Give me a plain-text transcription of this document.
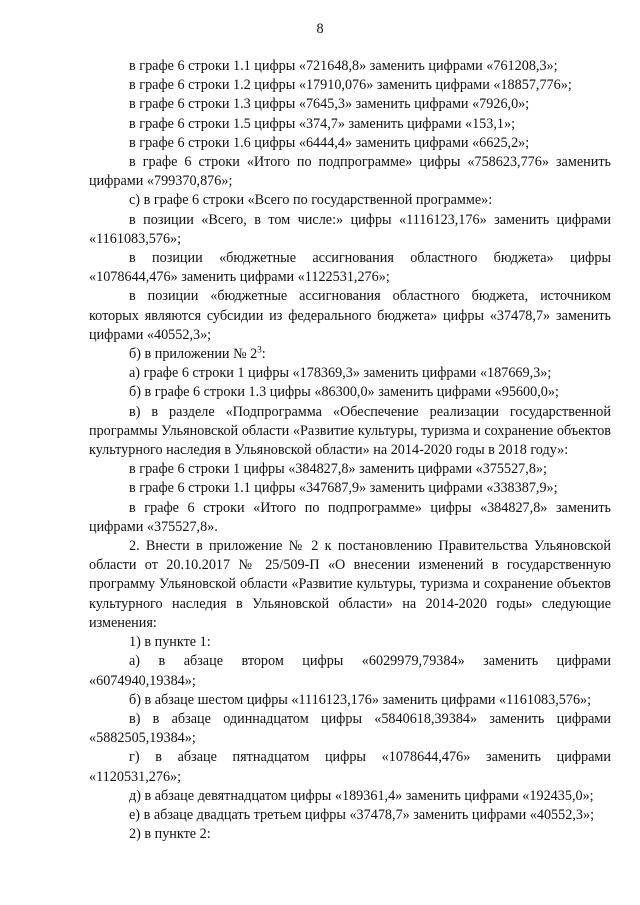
8

в графе 6 строки 1.1 цифры «721648,8» заменить цифрами «761208,3»;

в графе 6 строки 1.2 цифры «17910,076» заменить цифрами «18857,776»;

в графе 6 строки 1.3 цифры «7645,3» заменить цифрами «7926,0»;

в графе 6 строки 1.5 цифры «374,7» заменить цифрами «153,1»;

в графе 6 строки 1.6 цифры «6444,4» заменить цифрами «6625,2»;

в графе 6 строки «Итого по подпрограмме» цифры «758623,776» заменить цифрами «799370,876»;

с) в графе 6 строки «Всего по государственной программе»:

в позиции «Всего, в том числе:» цифры «1116123,176» заменить цифрами «1161083,576»;

в позиции «бюджетные ассигнования областного бюджета» цифры «1078644,476» заменить цифрами «1122531,276»;

в позиции «бюджетные ассигнования областного бюджета, источником которых являются субсидии из федерального бюджета» цифры «37478,7» заменить цифрами «40552,3»;

б) в приложении № $2^3$:

а) графе 6 строки 1 цифры «178369,3» заменить цифрами «187669,3»;

б) в графе 6 строки 1.3 цифры «86300,0» заменить цифрами «95600,0»;

в) в разделе «Подпрограмма «Обеспечение реализации государственной программы Ульяновской области «Развитие культуры, туризма и сохранение объектов культурного наследия в Ульяновской области» на 2014-2020 годы в 2018 году»:

в графе 6 строки 1 цифры «384827,8» заменить цифрами «375527,8»;

в графе 6 строки 1.1 цифры «347687,9» заменить цифрами «338387,9»;

в графе 6 строки «Итого по подпрограмме» цифры «384827,8» заменить цифрами «375527,8».

2. Внести в приложение № 2 к постановлению Правительства Ульяновской области от 20.10.2017 № 25/509-П «О внесении изменений в государственную программу Ульяновской области «Развитие культуры, туризма и сохранение объектов культурного наследия в Ульяновской области» на 2014-2020 годы» следующие изменения:

1) в пункте 1:

а) в абзаце втором цифры «6029979,79384» заменить цифрами «6074940,19384»;

б) в абзаце шестом цифры «1116123,176» заменить цифрами «1161083,576»;

в) в абзаце одиннадцатом цифры «5840618,39384» заменить цифрами «5882505,19384»;

г) в абзаце пятнадцатом цифры «1078644,476» заменить цифрами «1120531,276»;

д) в абзаце девятнадцатом цифры «189361,4» заменить цифрами «192435,0»;

е) в абзаце двадцать третьем цифры «37478,7» заменить цифрами «40552,3»;

2) в пункте 2:
